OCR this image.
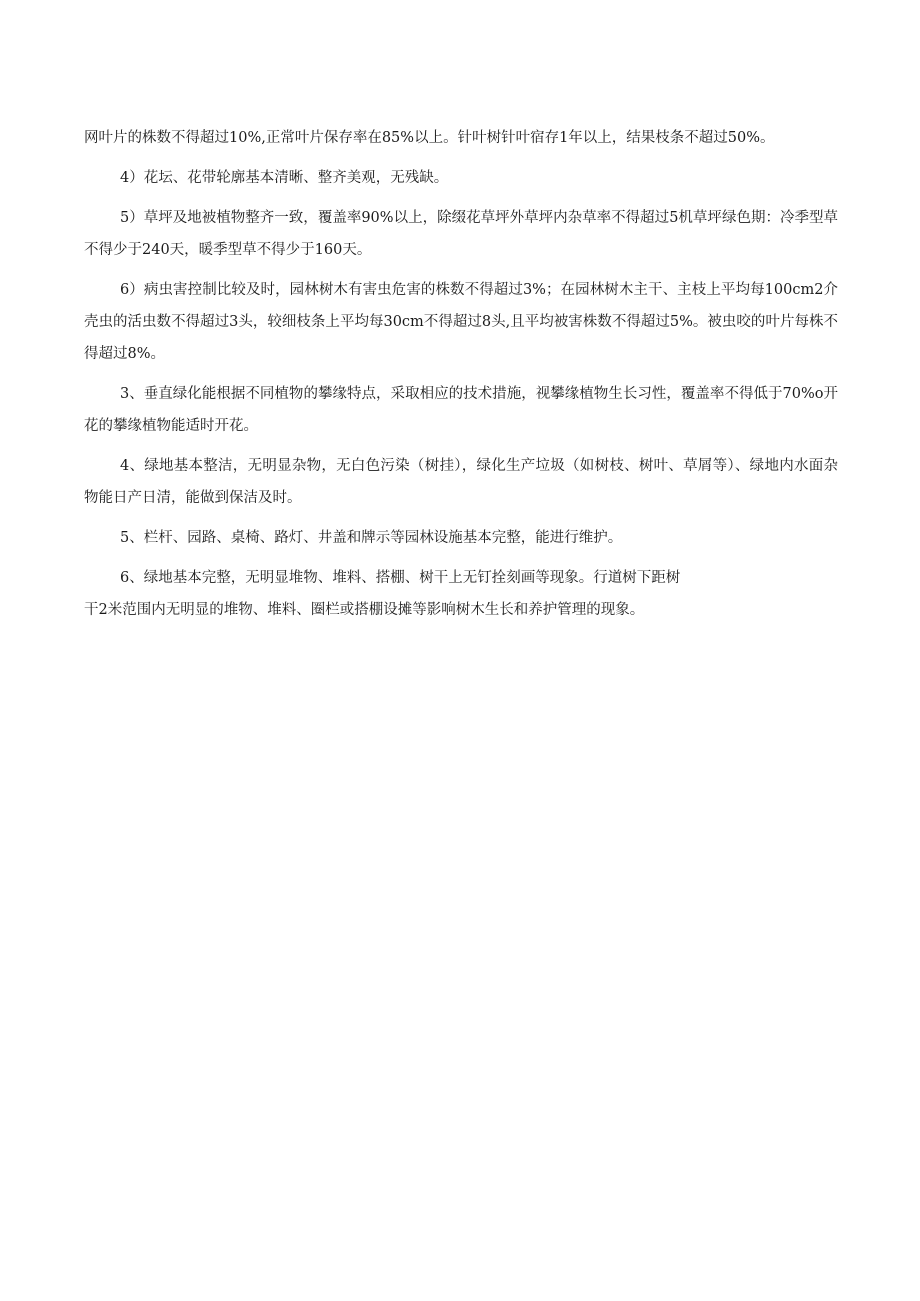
网叶片的株数不得超过10%,正常叶片保存率在85%以上。针叶树针叶宿存1年以上，结果枝条不超过50%。

4）花坛、花带轮廓基本清晰、整齐美观，无残缺。

5）草坪及地被植物整齐一致，覆盖率90%以上，除缀花草坪外草坪内杂草率不得超过5机草坪绿色期：冷季型草不得少于240天，暖季型草不得少于160天。

6）病虫害控制比较及时，园林树木有害虫危害的株数不得超过3%；在园林树木主干、主枝上平均每100cm2介壳虫的活虫数不得超过3头，较细枝条上平均每30cm不得超过8头,且平均被害株数不得超过5%。被虫咬的叶片每株不得超过8%。

3、垂直绿化能根据不同植物的攀缘特点，采取相应的技术措施，视攀缘植物生长习性，覆盖率不得低于70%o开花的攀缘植物能适时开花。

4、绿地基本整洁，无明显杂物，无白色污染（树挂），绿化生产垃圾（如树枝、树叶、草屑等）、绿地内水面杂物能日产日清，能做到保洁及时。

5、栏杆、园路、桌椅、路灯、井盖和牌示等园林设施基本完整，能进行维护。

6、绿地基本完整，无明显堆物、堆料、搭棚、树干上无钉拴刻画等现象。行道树下距树

干2米范围内无明显的堆物、堆料、圈栏或搭棚设摊等影响树木生长和养护管理的现象。
